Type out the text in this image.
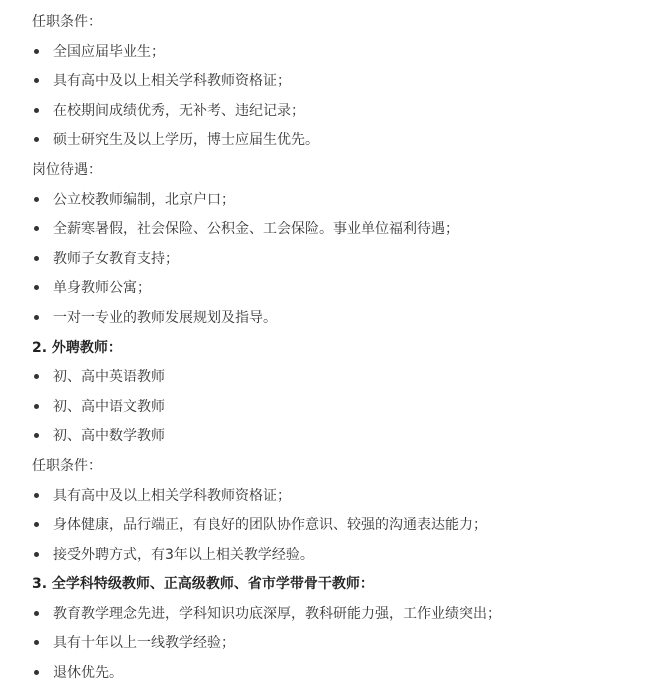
任职条件：
全国应届毕业生；
具有高中及以上相关学科教师资格证；
在校期间成绩优秀，无补考、违纪记录；
硕士研究生及以上学历，博士应届生优先。
岗位待遇：
公立校教师编制，北京户口；
全薪寒暑假，社会保险、公积金、工会保险。事业单位福利待遇；
教师子女教育支持；
单身教师公寓；
一对一专业的教师发展规划及指导。
2. 外聘教师：
初、高中英语教师
初、高中语文教师
初、高中数学教师
任职条件：
具有高中及以上相关学科教师资格证；
身体健康，品行端正，有良好的团队协作意识、较强的沟通表达能力；
接受外聘方式，有3年以上相关教学经验。
3. 全学科特级教师、正高级教师、省市学带骨干教师：
教育教学理念先进，学科知识功底深厚，教科研能力强，工作业绩突出；
具有十年以上一线教学经验；
退休优先。
